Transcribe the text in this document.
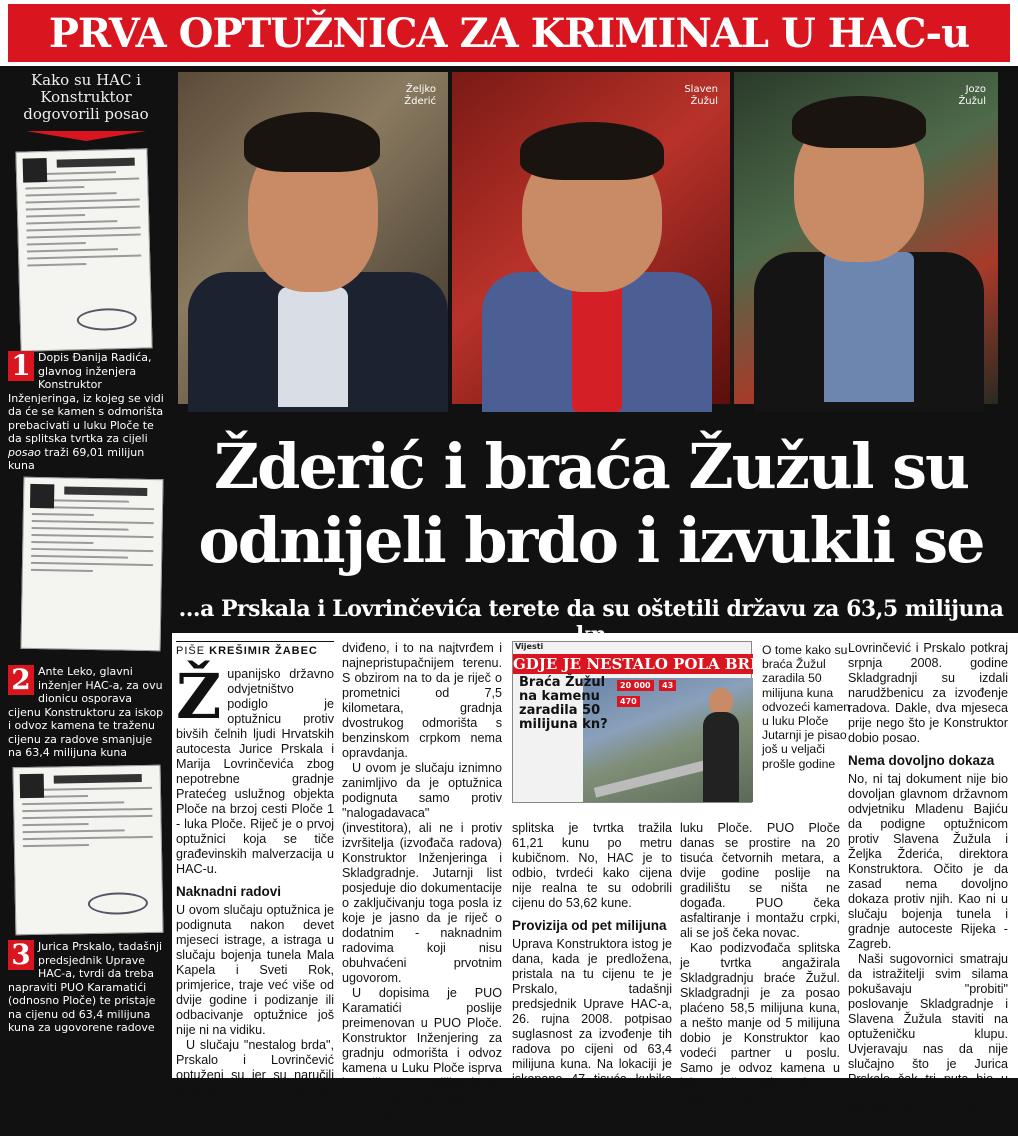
PRVA OPTUŽNICA ZA KRIMINAL U HAC-u
Kako su HAC i Konstruktor dogovorili posao
1 Dopis Đanija Radića, glavnog inženjera Konstruktor Inženjeringa, iz kojeg se vidi da će se kamen s odmorišta prebacivati u luku Ploče te da splitska tvrtka za cijeli posao traži 69,01 milijun kuna
2 Ante Leko, glavni inženjer HAC-a, za ovu dionicu osporava cijenu Konstruktoru za iskop i odvoz kamena te traženu cijenu za radove smanjuje na 63,4 milijuna kuna
3 Jurica Prskalo, tadašnji predsjednik Uprave HAC-a, tvrdi da treba napraviti PUO Karamatići (odnosno Ploče) te pristaje na cijenu od 63,4 milijuna kuna za ugovorene radove
Željko
Žderić
Slaven
Žužul
Jozo
Žužul
Žderić i braća Žužul su
odnijeli brdo i izvukli se
...a Prskala i Lovrinčevića terete da su oštetili državu za 63,5 milijuna
PIŠE KREŠIMIR ŽABEC
Ž upanijsko državno odvjetništvo podiglo je optužnicu protiv bivših čelnih ljudi Hrvatskih autocesta Jurice Prskala i Marija Lovrinčevića zbog nepotrebne gradnje Pratećeg uslužnog objekta Ploče na brzoj cesti Ploče 1 - luka Ploče. Riječ je o prvoj optužnici koja se tiče građevinskih malverzacija u HAC-u.

Naknadni radovi

U ovom slučaju optužnica je podignuta nakon devet mjeseci istrage, a istraga u slučaju bojenja tunela Mala Kapela i Sveti Rok, primjerice, traje već više od dvije godine i podizanje ili odbacivanje optužnice još nije ni na vidiku.

U slučaju "nestalog brda", Prskalo i Lovrinčević optuženi su jer su naručili gradnju odmorišta koje nije bilo pre-

dviđeno, i to na najtvrđem i najnepristupačnijem terenu. S obzirom na to da je riječ o prometnici od 7,5 kilometara, gradnja dvostrukog odmorišta s benzinskom crpkom nema opravdanja.

U ovom je slučaju iznimno zanimljivo da je optužnica podignuta samo protiv "nalogadavaca" (investitora), ali ne i protiv izvršitelja (izvođača radova) Konstruktor Inženjeringa i Skladgradnje. Jutarnji list posjeduje dio dokumentacije o zaključivanju toga posla iz koje je jasno da je riječ o dodatnim - naknadnim radovima koji nisu obuhvaćeni prvotnim ugovorom.

U dopisima je PUO Karamatići poslije preimenovan u PUO Ploče. Konstruktor Inženjering za gradnju odmorišta i odvoz kamena u Luku Ploče isprva je tražio 69,01 milijun kuna. Za iskop materijala "A" kategorije i prijevoz materijala za Luku Ploče

Vijesti
GDJE JE NESTALO POLA BRDA
Braća Žužul na kamenu zaradila 50 milijuna kn?
20 000	43
470
O tome kako su braća Žužul zaradila 50 milijuna kuna odvozeći kamen u luku Ploče Jutarnji je pisao još u veljači prošle godine

splitska je tvrtka tražila 61,21 kunu po metru kubičnom. No, HAC je to odbio, tvrdeći kako cijena nije realna te su odobrili cijenu do 53,62 kune.

Provizija od pet milijuna

Uprava Konstruktora istog je dana, kada je predložena, pristala na tu cijenu te je Prskalo, tadašnji predsjednik Uprave HAC-a, 26. rujna 2008. potpisao suglasnost za izvođenje tih radova po cijeni od 63,4 milijuna kuna. Na lokaciji je iskopano 47 tisuća kubika kamena i odvezeno u

luku Ploče. PUO Ploče danas se prostire na 20 tisuća četvornih metara, a dvije godine poslije na gradilištu se ništa ne događa. PUO čeka asfaltiranje i montažu crpki, ali se još čeka novac.

Kao podizvođača splitska je tvrtka angažirala Skladgradnju braće Žužul. Skladgradnji je za posao plaćeno 58,5 milijuna kuna, a nešto manje od 5 milijuna dobio je Konstruktor kao vodeći partner u poslu. Samo je odvoz kamena u luku Ploče stajao oko 30 milijuna kuna.

Lovrinčević i Prskalo potkraj srpnja 2008. godine Skladgradnji su izdali narudžbenicu za izvođenje radova. Dakle, dva mjeseca prije nego što je Konstruktor dobio posao.

Nema dovoljno dokaza

No, ni taj dokument nije bio dovoljan glavnom državnom odvjetniku Mladenu Bajiću da podigne optužnicom protiv Slavena Žužula i Željka Žderića, direktora Konstruktora. Očito je da zasad nema dovoljno dokaza protiv njih. Kao ni u slučaju bojenja tunela i gradnje autoceste Rijeka - Zagreb.

Naši sugovornici smatraju da istražitelji svim silama pokušavaju "probiti" poslovanje Skladgradnje i Slavena Žužula staviti na optuženičku klupu. Uvjeravaju nas da nije slučajno što je Jurica Prskalo čak tri puta bio u pritvoru, ali o Žužulima očito još nitko nije progovorio.
